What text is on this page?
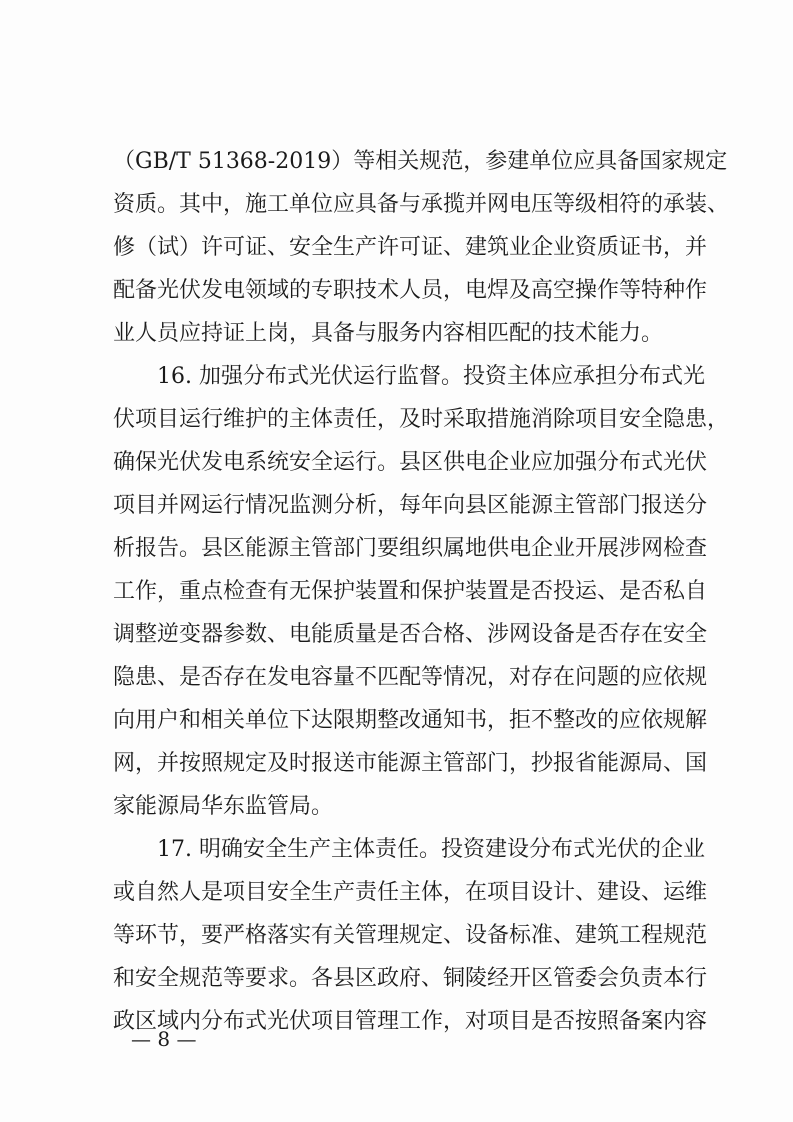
（GB/T 51368-2019）等相关规范，参建单位应具备国家规定
资质。其中，施工单位应具备与承揽并网电压等级相符的承装、
修（试）许可证、安全生产许可证、建筑业企业资质证书，并
配备光伏发电领域的专职技术人员，电焊及高空操作等特种作
业人员应持证上岗，具备与服务内容相匹配的技术能力。
16. 加强分布式光伏运行监督。投资主体应承担分布式光
伏项目运行维护的主体责任，及时采取措施消除项目安全隐患，
确保光伏发电系统安全运行。县区供电企业应加强分布式光伏
项目并网运行情况监测分析，每年向县区能源主管部门报送分
析报告。县区能源主管部门要组织属地供电企业开展涉网检查
工作，重点检查有无保护装置和保护装置是否投运、是否私自
调整逆变器参数、电能质量是否合格、涉网设备是否存在安全
隐患、是否存在发电容量不匹配等情况，对存在问题的应依规
向用户和相关单位下达限期整改通知书，拒不整改的应依规解
网，并按照规定及时报送市能源主管部门，抄报省能源局、国
家能源局华东监管局。
17. 明确安全生产主体责任。投资建设分布式光伏的企业
或自然人是项目安全生产责任主体，在项目设计、建设、运维
等环节，要严格落实有关管理规定、设备标准、建筑工程规范
和安全规范等要求。各县区政府、铜陵经开区管委会负责本行
政区域内分布式光伏项目管理工作，对项目是否按照备案内容
— 8 —
